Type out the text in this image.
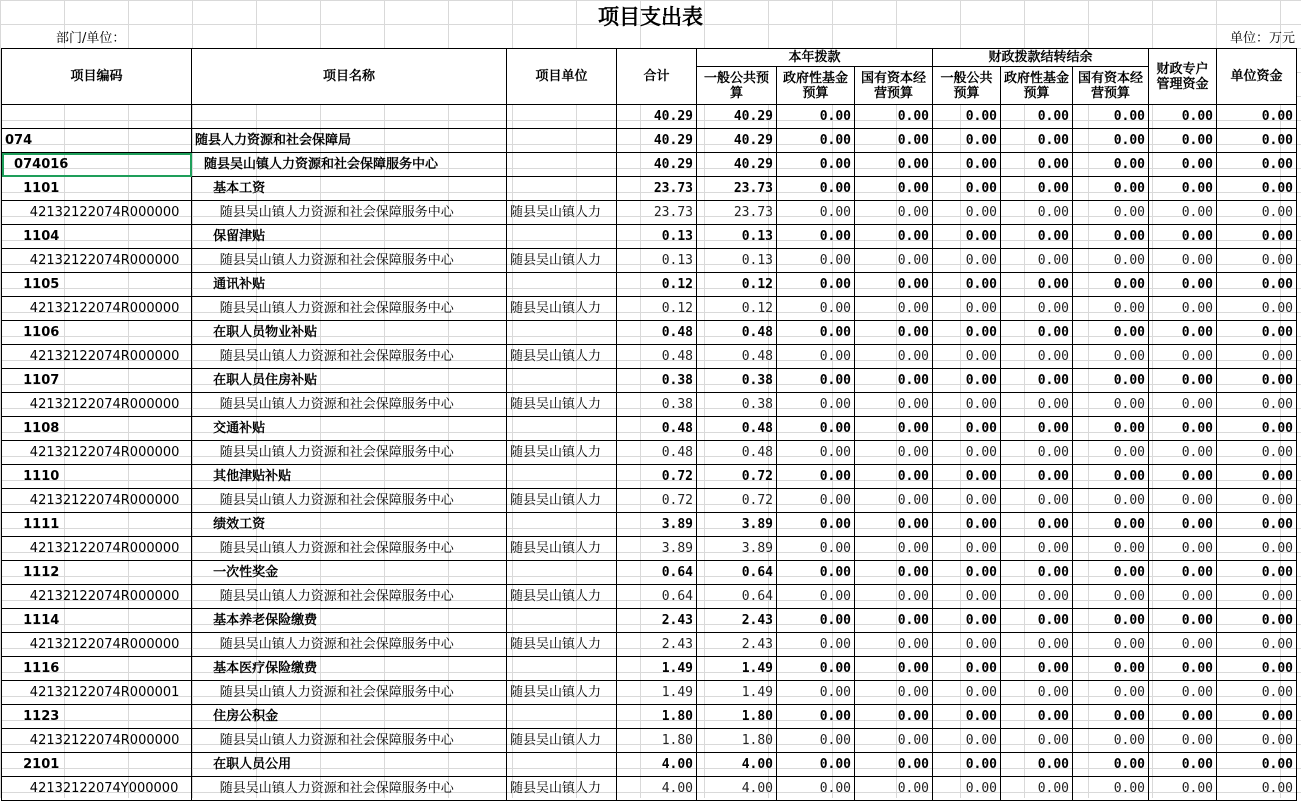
项目支出表
部门/单位：	单位：万元
项目编码	项目名称	项目单位	合计	本年拨款			财政拨款结转结余			财政专户管理资金	单位资金
				一般公共预算	政府性基金预算	国有资本经营预算	一般公共预算	政府性基金预算	国有资本经营预算		
			40.29	40.29	0.00	0.00	0.00	0.00	0.00	0.00	0.00
074	随县人力资源和社会保障局		40.29	40.29	0.00	0.00	0.00	0.00	0.00	0.00	0.00
074016	随县吴山镇人力资源和社会保障服务中心		40.29	40.29	0.00	0.00	0.00	0.00	0.00	0.00	0.00
1101	基本工资		23.73	23.73	0.00	0.00	0.00	0.00	0.00	0.00	0.00
42132122074R000000	随县吴山镇人力资源和社会保障服务中心	随县吴山镇人力	23.73	23.73	0.00	0.00	0.00	0.00	0.00	0.00	0.00
1104	保留津贴		0.13	0.13	0.00	0.00	0.00	0.00	0.00	0.00	0.00
42132122074R000000	随县吴山镇人力资源和社会保障服务中心	随县吴山镇人力	0.13	0.13	0.00	0.00	0.00	0.00	0.00	0.00	0.00
1105	通讯补贴		0.12	0.12	0.00	0.00	0.00	0.00	0.00	0.00	0.00
42132122074R000000	随县吴山镇人力资源和社会保障服务中心	随县吴山镇人力	0.12	0.12	0.00	0.00	0.00	0.00	0.00	0.00	0.00
1106	在职人员物业补贴		0.48	0.48	0.00	0.00	0.00	0.00	0.00	0.00	0.00
42132122074R000000	随县吴山镇人力资源和社会保障服务中心	随县吴山镇人力	0.48	0.48	0.00	0.00	0.00	0.00	0.00	0.00	0.00
1107	在职人员住房补贴		0.38	0.38	0.00	0.00	0.00	0.00	0.00	0.00	0.00
42132122074R000000	随县吴山镇人力资源和社会保障服务中心	随县吴山镇人力	0.38	0.38	0.00	0.00	0.00	0.00	0.00	0.00	0.00
1108	交通补贴		0.48	0.48	0.00	0.00	0.00	0.00	0.00	0.00	0.00
42132122074R000000	随县吴山镇人力资源和社会保障服务中心	随县吴山镇人力	0.48	0.48	0.00	0.00	0.00	0.00	0.00	0.00	0.00
1110	其他津贴补贴		0.72	0.72	0.00	0.00	0.00	0.00	0.00	0.00	0.00
42132122074R000000	随县吴山镇人力资源和社会保障服务中心	随县吴山镇人力	0.72	0.72	0.00	0.00	0.00	0.00	0.00	0.00	0.00
1111	绩效工资		3.89	3.89	0.00	0.00	0.00	0.00	0.00	0.00	0.00
42132122074R000000	随县吴山镇人力资源和社会保障服务中心	随县吴山镇人力	3.89	3.89	0.00	0.00	0.00	0.00	0.00	0.00	0.00
1112	一次性奖金		0.64	0.64	0.00	0.00	0.00	0.00	0.00	0.00	0.00
42132122074R000000	随县吴山镇人力资源和社会保障服务中心	随县吴山镇人力	0.64	0.64	0.00	0.00	0.00	0.00	0.00	0.00	0.00
1114	基本养老保险缴费		2.43	2.43	0.00	0.00	0.00	0.00	0.00	0.00	0.00
42132122074R000000	随县吴山镇人力资源和社会保障服务中心	随县吴山镇人力	2.43	2.43	0.00	0.00	0.00	0.00	0.00	0.00	0.00
1116	基本医疗保险缴费		1.49	1.49	0.00	0.00	0.00	0.00	0.00	0.00	0.00
42132122074R000001	随县吴山镇人力资源和社会保障服务中心	随县吴山镇人力	1.49	1.49	0.00	0.00	0.00	0.00	0.00	0.00	0.00
1123	住房公积金		1.80	1.80	0.00	0.00	0.00	0.00	0.00	0.00	0.00
42132122074R000000	随县吴山镇人力资源和社会保障服务中心	随县吴山镇人力	1.80	1.80	0.00	0.00	0.00	0.00	0.00	0.00	0.00
2101	在职人员公用		4.00	4.00	0.00	0.00	0.00	0.00	0.00	0.00	0.00
42132122074Y000000	随县吴山镇人力资源和社会保障服务中心	随县吴山镇人力	4.00	4.00	0.00	0.00	0.00	0.00	0.00	0.00	0.00
